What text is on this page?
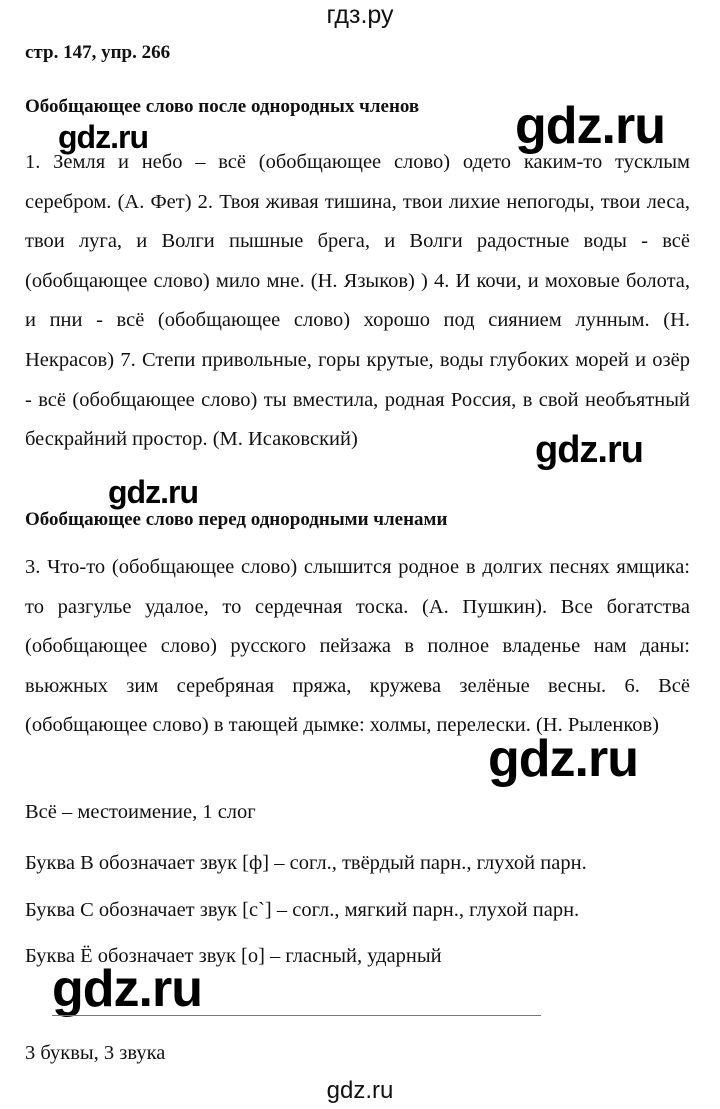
гдз.ру
стр. 147, упр. 266
Обобщающее слово после однородных членов gdz.ru
gdz.ru

1. Земля и небо – всё (обобщающее слово) одето каким-то тусклым серебром. (А. Фет) 2. Твоя живая тишина, твои лихие непогоды, твои леса, твои луга, и Волги пышные брега, и Волги радостные воды - всё (обобщающее слово) мило мне. (Н. Языков) ) 4. И кочи, и моховые болота, и пни - всё (обобщающее слово) хорошо под сиянием лунным. (Н. Некрасов) 7. Степи привольные, горы крутые, воды глубоких морей и озёр - всё (обобщающее слово) ты вместила, родная Россия, в свой необъятный бескрайний простор. (М. Исаковский)	gdz.ru
gdz.ru
Обобщающее слово перед однородными членами

3. Что-то (обобщающее слово) слышится родное в долгих песнях ямщика: то разгулье удалое, то сердечная тоска. (А. Пушкин). Все богатства (обобщающее слово) русского пейзажа в полное владенье нам даны: вьюжных зим серебряная пряжа, кружева зелёные весны. 6. Всё (обобщающее слово) в тающей дымке: холмы, перелески. (Н. Рыленков)

gdz.ru
Всё – местоимение, 1 слог
Буква В обозначает звук [ф] – согл., твёрдый парн., глухой парн.
Буква С обозначает звук [с`] – согл., мягкий парн., глухой парн.
Буква Ё обозначает звук [о] – гласный, ударный
gdz.ru
3 буквы, 3 звука
gdz.ru
